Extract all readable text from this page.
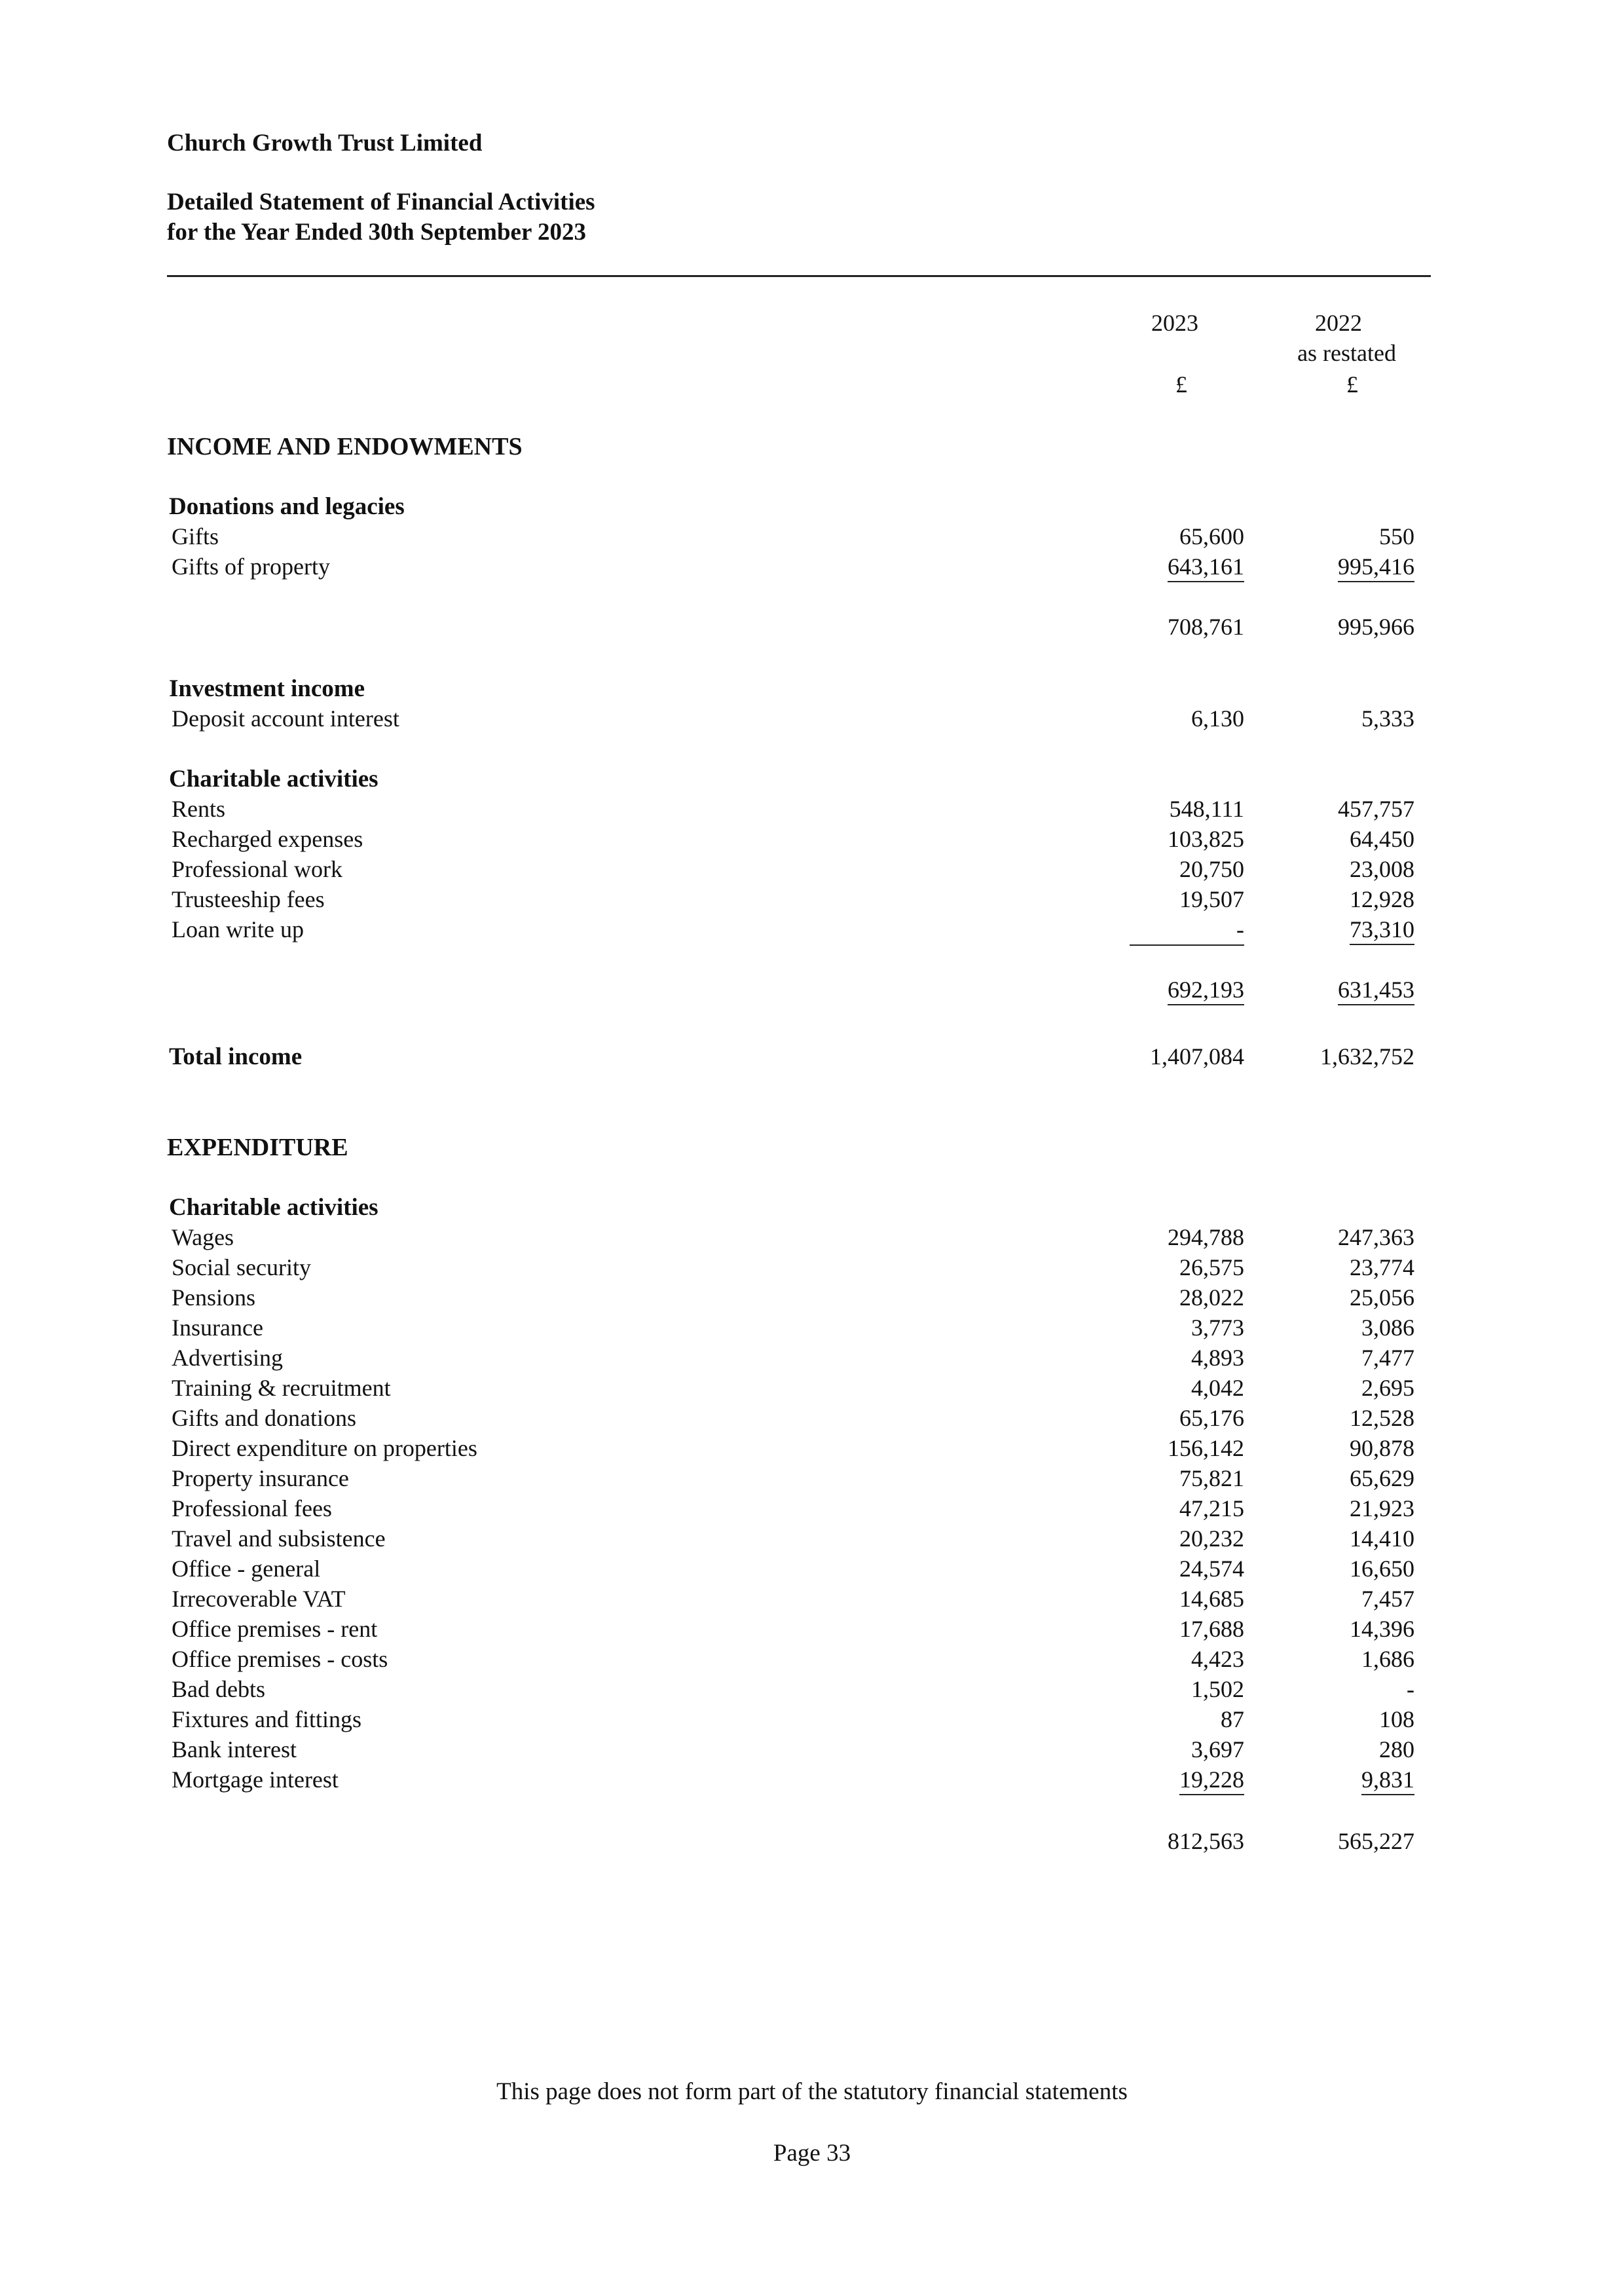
Church Growth Trust Limited
Detailed Statement of Financial Activities
for the Year Ended 30th September 2023
2023	2022
as restated
£	£
INCOME AND ENDOWMENTS
Donations and legacies
Gifts	65,600	550
Gifts of property	643,161	995,416
708,761	995,966
Investment income
Deposit account interest	6,130	5,333
Charitable activities
Rents	548,111	457,757
Recharged expenses	103,825	64,450
Professional work	20,750	23,008
Trusteeship fees	19,507	12,928
Loan write up	-	73,310
692,193	631,453
Total income	1,407,084	1,632,752
EXPENDITURE
Charitable activities
Wages	294,788	247,363
Social security	26,575	23,774
Pensions	28,022	25,056
Insurance	3,773	3,086
Advertising	4,893	7,477
Training & recruitment	4,042	2,695
Gifts and donations	65,176	12,528
Direct expenditure on properties	156,142	90,878
Property insurance	75,821	65,629
Professional fees	47,215	21,923
Travel and subsistence	20,232	14,410
Office - general	24,574	16,650
Irrecoverable VAT	14,685	7,457
Office premises - rent	17,688	14,396
Office premises - costs	4,423	1,686
Bad debts	1,502	-
Fixtures and fittings	87	108
Bank interest	3,697	280
Mortgage interest	19,228	9,831
812,563	565,227
This page does not form part of the statutory financial statements
Page 33
